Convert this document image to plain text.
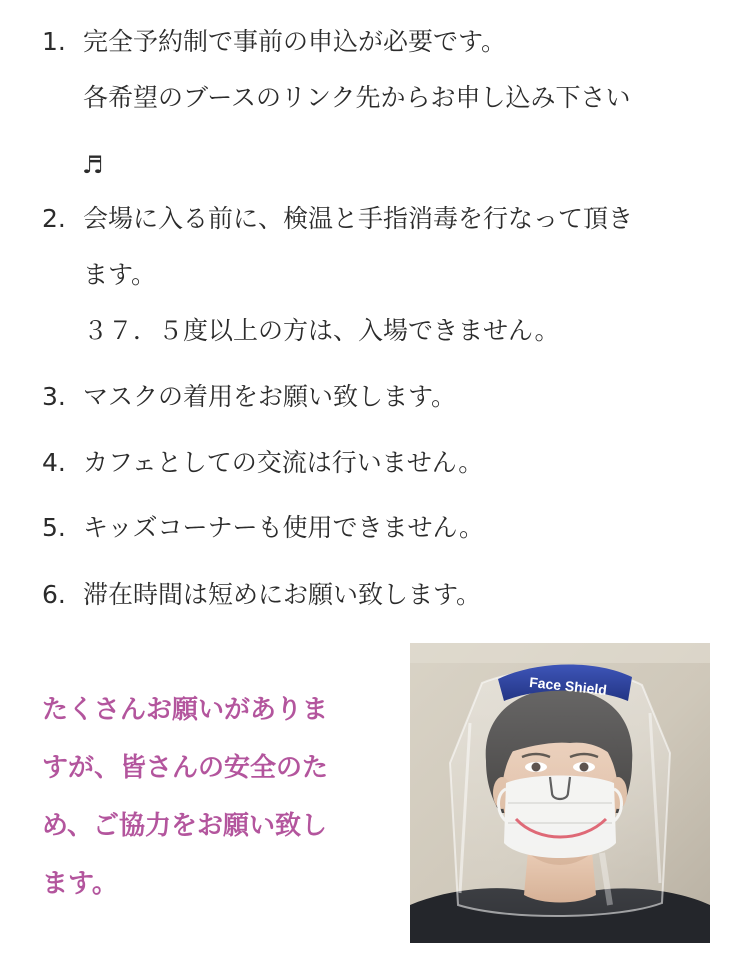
1. 完全予約制で事前の申込が必要です。
各希望のブースのリンク先からお申し込み下さい
♬
2. 会場に入る前に、検温と手指消毒を行なって頂き
ます。
３７．５度以上の方は、入場できません。
3. マスクの着用をお願い致します。
4. カフェとしての交流は行いません。
5. キッズコーナーも使用できません。
6. 滞在時間は短めにお願い致します。
たくさんお願いがありま
すが、皆さんの安全のた
め、ご協力をお願い致し
ます。
Face Shield
